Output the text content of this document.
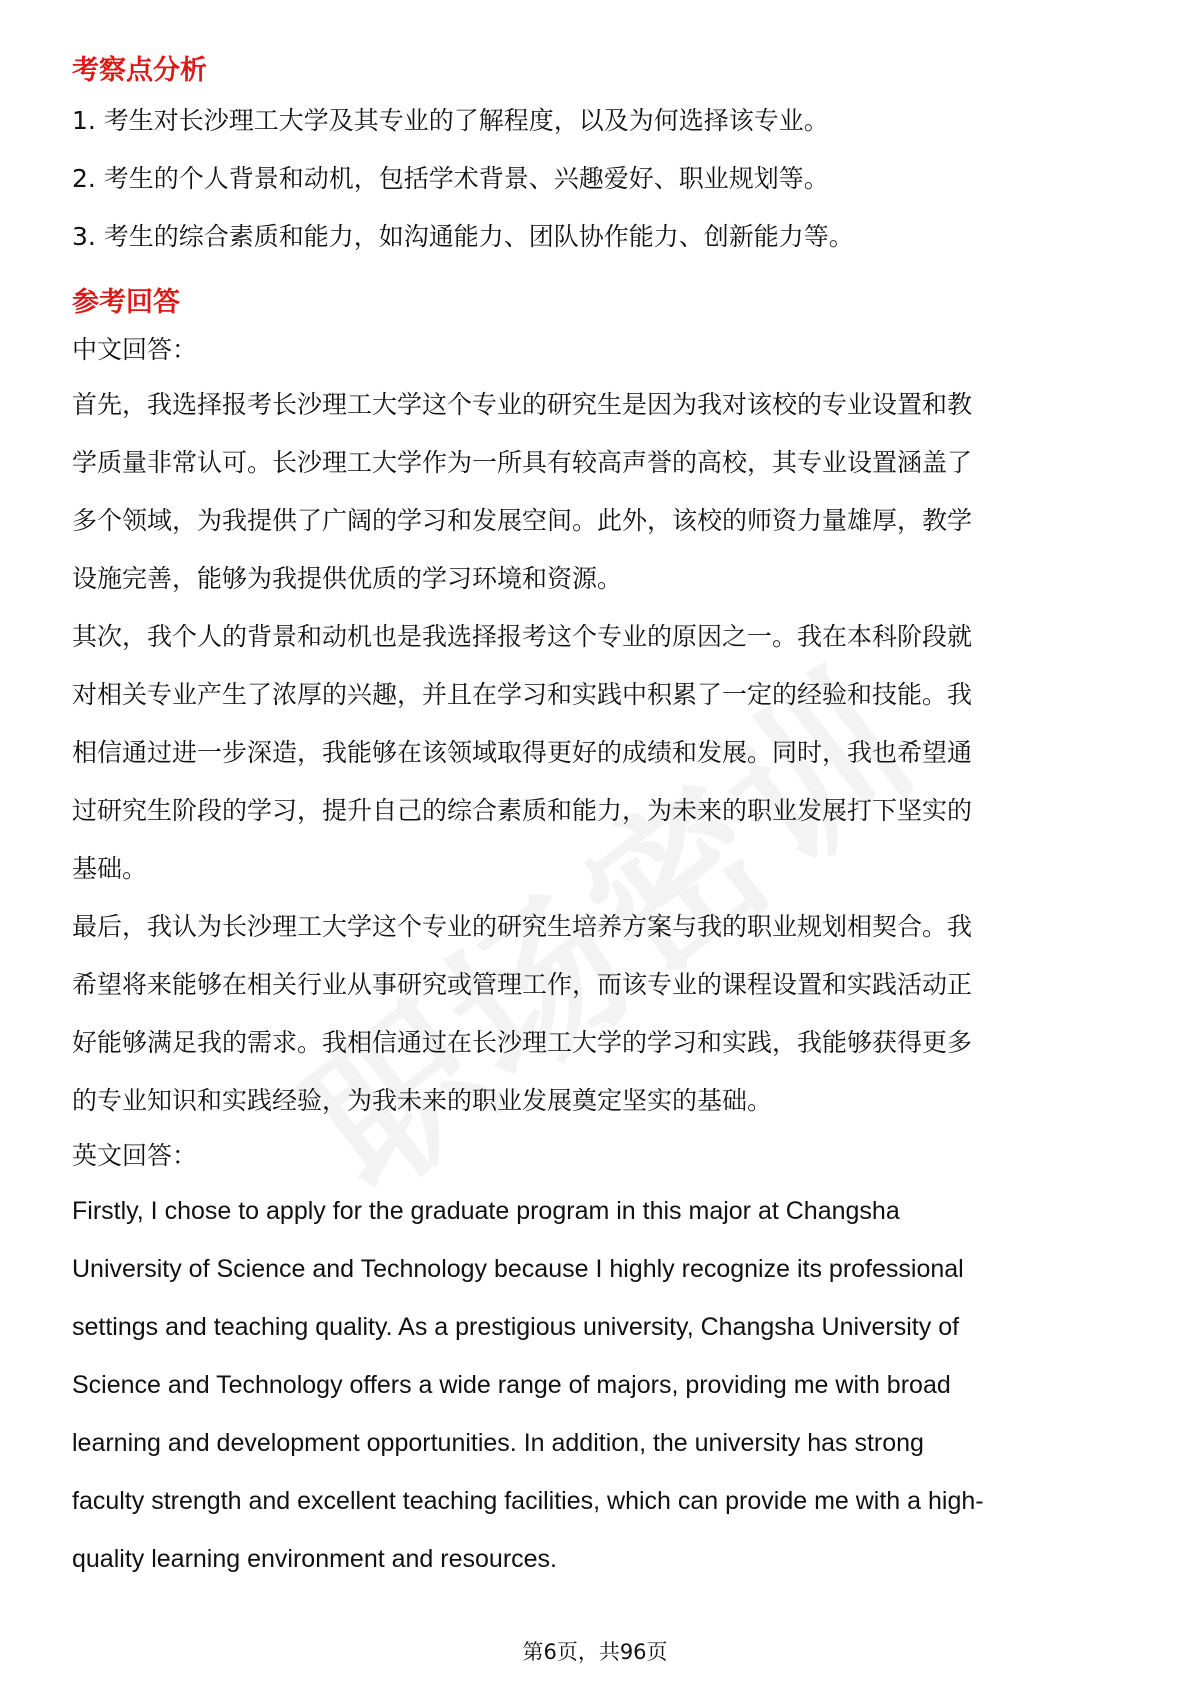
考察点分析

1. 考生对长沙理工大学及其专业的了解程度，以及为何选择该专业。

2. 考生的个人背景和动机，包括学术背景、兴趣爱好、职业规划等。

3. 考生的综合素质和能力，如沟通能力、团队协作能力、创新能力等。

参考回答

中文回答：

首先，我选择报考长沙理工大学这个专业的研究生是因为我对该校的专业设置和教

学质量非常认可。长沙理工大学作为一所具有较高声誉的高校，其专业设置涵盖了

多个领域，为我提供了广阔的学习和发展空间。此外，该校的师资力量雄厚，教学

设施完善，能够为我提供优质的学习环境和资源。

其次，我个人的背景和动机也是我选择报考这个专业的原因之一。我在本科阶段就

对相关专业产生了浓厚的兴趣，并且在学习和实践中积累了一定的经验和技能。我

相信通过进一步深造，我能够在该领域取得更好的成绩和发展。同时，我也希望通

过研究生阶段的学习，提升自己的综合素质和能力，为未来的职业发展打下坚实的

基础。

最后，我认为长沙理工大学这个专业的研究生培养方案与我的职业规划相契合。我

希望将来能够在相关行业从事研究或管理工作，而该专业的课程设置和实践活动正

好能够满足我的需求。我相信通过在长沙理工大学的学习和实践，我能够获得更多

的专业知识和实践经验，为我未来的职业发展奠定坚实的基础。

英文回答：

Firstly, I chose to apply for the graduate program in this major at Changsha

University of Science and Technology because I highly recognize its professional

settings and teaching quality. As a prestigious university, Changsha University of

Science and Technology offers a wide range of majors, providing me with broad

learning and development opportunities. In addition, the university has strong

faculty strength and excellent teaching facilities, which can provide me with a high-

quality learning environment and resources.

第6页，共96页
